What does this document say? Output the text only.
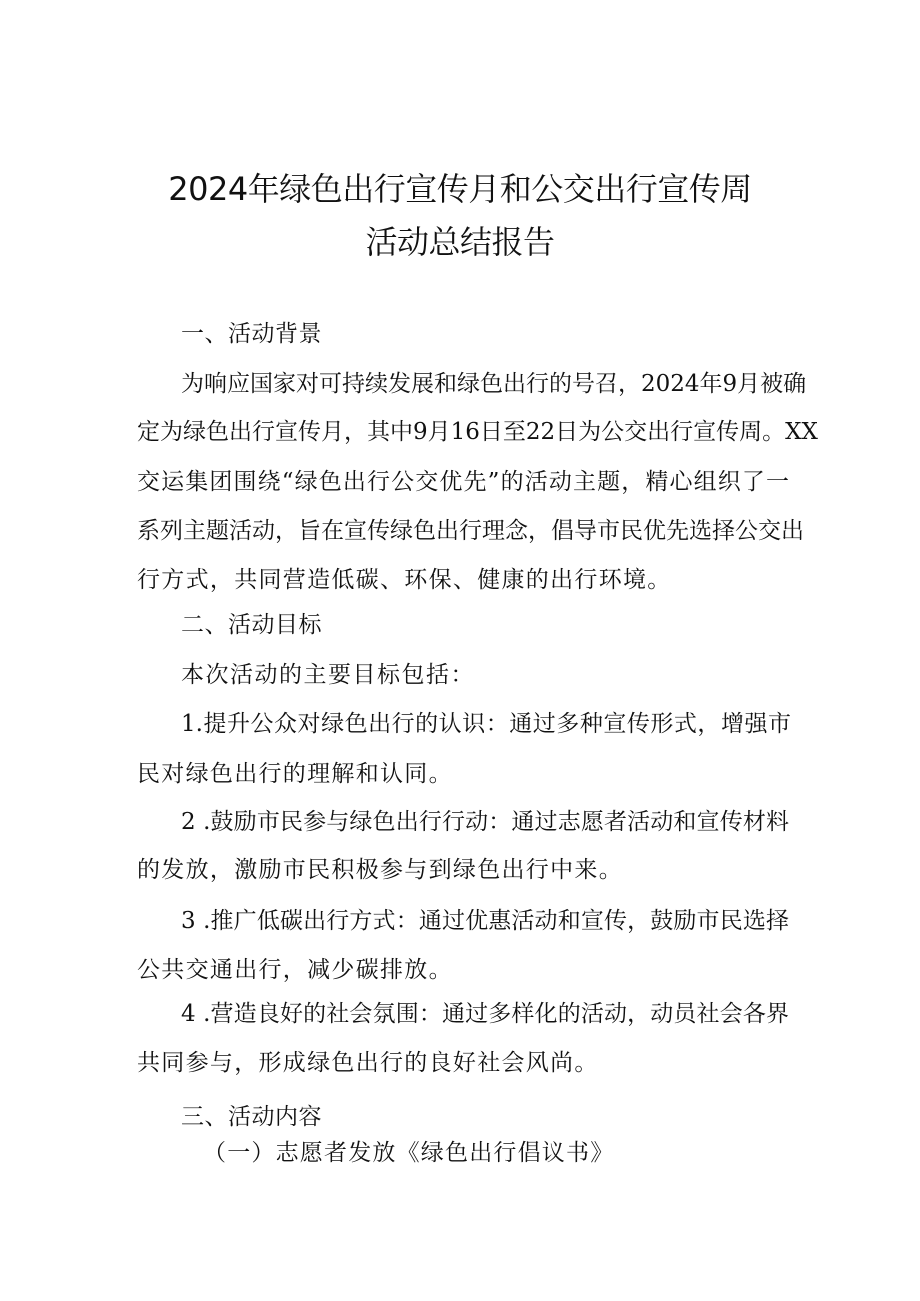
2024年绿色出行宣传月和公交出行宣传周
活动总结报告
一、活动背景
为响应国家对可持续发展和绿色出行的号召，2024年9月被确
定为绿色出行宣传月，其中9月16日至22日为公交出行宣传周。XX
交运集团围绕“绿色出行公交优先”的活动主题，精心组织了一
系列主题活动，旨在宣传绿色出行理念，倡导市民优先选择公交出
行方式，共同营造低碳、环保、健康的出行环境。
二、活动目标
本次活动的主要目标包括：
1.提升公众对绿色出行的认识：通过多种宣传形式，增强市
民对绿色出行的理解和认同。
2 .鼓励市民参与绿色出行行动：通过志愿者活动和宣传材料
的发放，激励市民积极参与到绿色出行中来。
3 .推广低碳出行方式：通过优惠活动和宣传，鼓励市民选择
公共交通出行，减少碳排放。
4 .营造良好的社会氛围：通过多样化的活动，动员社会各界
共同参与，形成绿色出行的良好社会风尚。
三、活动内容
（一）志愿者发放《绿色出行倡议书》
